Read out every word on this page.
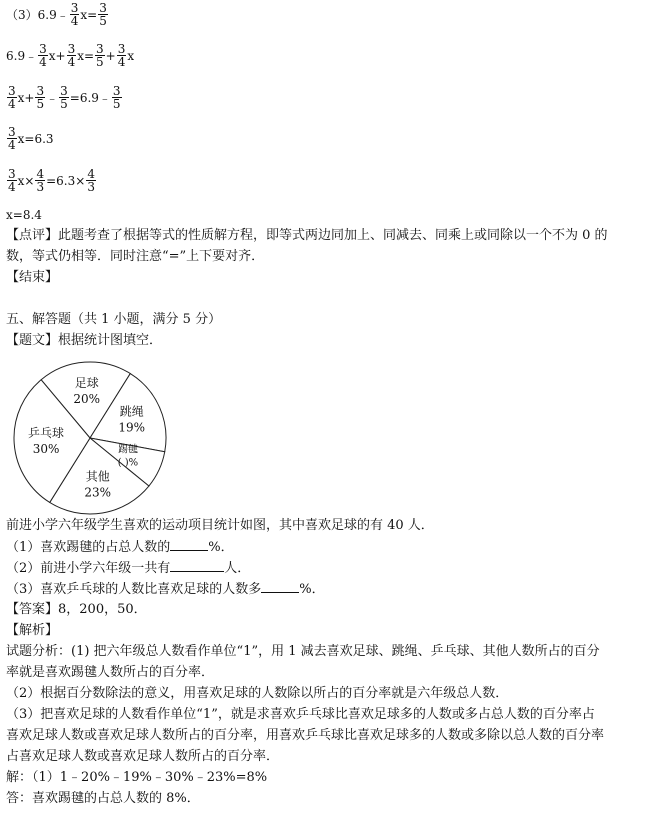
（3）6.9﹣ $\frac{3}{4} x= \frac{3}{5}$
6.9﹣ $\frac{3}{4} x+ \frac{3}{4} x= \frac{3}{5} + \frac{3}{4}$ x
$\frac{3}{4} x+ \frac{3}{5}$ ﹣ $\frac{3}{5}$ =6.9﹣ $\frac{3}{5}$
$\frac{3}{4} x=6.3$
$\frac{3}{4} x\times \frac{4}{3} =6.3\times \frac{4}{3}$
x=8.4
【点评】此题考查了根据等式的性质解方程，即等式两边同加上、同减去、同乘上或同除以一个不为 0 的
数，等式仍相等．同时注意“=”上下要对齐．
【结束】
五、解答题（共 1 小题，满分 5 分）
【题文】根据统计图填空．
足球
20%
跳绳
19%
踢毽
( )%
其他
23%
乒乓球
30%
前进小学六年级学生喜欢的运动项目统计如图，其中喜欢足球的有 40 人．
（1）喜欢踢毽的占总人数的	%．
（2）前进小学六年级一共有	人．
（3）喜欢乒乓球的人数比喜欢足球的人数多	%．
【答案】8，200，50．
【解析】
试题分析：(1) 把六年级总人数看作单位“1”，用 1 减去喜欢足球、跳绳、乒乓球、其他人数所占的百分
率就是喜欢踢毽人数所占的百分率．
（2）根据百分数除法的意义，用喜欢足球的人数除以所占的百分率就是六年级总人数．
（3）把喜欢足球的人数看作单位“1”，就是求喜欢乒乓球比喜欢足球多的人数或多占总人数的百分率占
喜欢足球人数或喜欢足球人数所占的百分率，用喜欢乒乓球比喜欢足球多的人数或多除以总人数的百分率
占喜欢足球人数或喜欢足球人数所占的百分率．
解：（1）1﹣20%﹣19%﹣30%﹣23%=8%
答：喜欢踢毽的占总人数的 8%．
